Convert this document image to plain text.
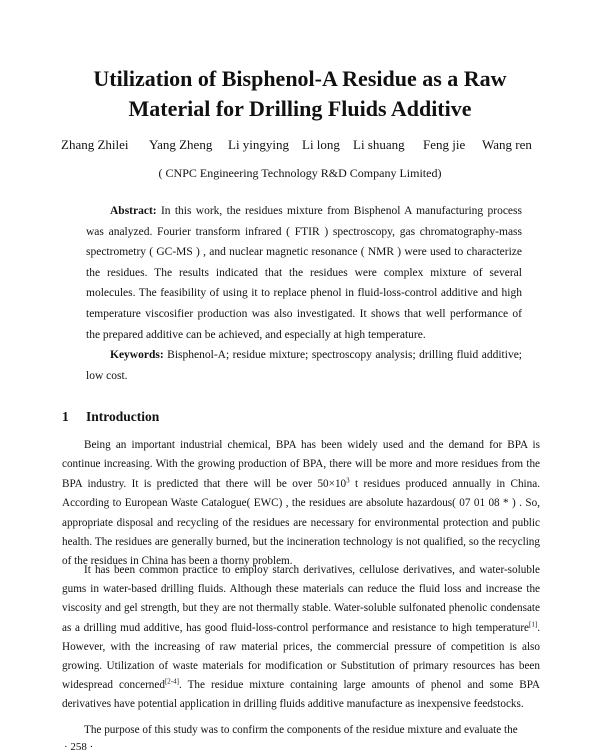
Utilization of Bisphenol-A Residue as a Raw
Material for Drilling Fluids Additive
Zhang Zhilei Yang Zheng Li yingying Li long Li shuang Feng jie Wang ren
( CNPC Engineering Technology R&D Company Limited)

Abstract: In this work, the residues mixture from Bisphenol A manufacturing process was analyzed. Fourier transform infrared ( FTIR ) spectroscopy, gas chromatography-mass spectrometry ( GC-MS ) , and nuclear magnetic resonance ( NMR ) were used to characterize the residues. The results indicated that the residues were complex mixture of several molecules. The feasibility of using it to replace phenol in fluid-loss-control additive and high temperature viscosifier production was also investigated. It shows that well performance of the prepared additive can be achieved, and especially at high temperature.

Keywords: Bisphenol-A; residue mixture; spectroscopy analysis; drilling fluid additive; low cost.

1 Introduction

Being an important industrial chemical, BPA has been widely used and the demand for BPA is continue increasing. With the growing production of BPA, there will be more and more residues from the BPA industry. It is predicted that there will be over $50\times 10^3$ t residues produced annually in China. According to European Waste Catalogue( EWC) , the residues are absolute hazardous( 07 01 08 * ) . So, appropriate disposal and recycling of the residues are necessary for environmental protection and public health. The residues are generally burned, but the incineration technology is not qualified, so the recycling of the residues in China has been a thorny problem.

It has been common practice to employ starch derivatives, cellulose derivatives, and water-soluble gums in water-based drilling fluids. Although these materials can reduce the fluid loss and increase the viscosity and gel strength, but they are not thermally stable. Water-soluble sulfonated phenolic condensate as a drilling mud additive, has good fluid-loss-control performance and resistance to high temperature[1]. However, with the increasing of raw material prices, the commercial pressure of competition is also growing. Utilization of waste materials for modification or Substitution of primary resources has been widespread concerned[2-4]. The residue mixture containing large amounts of phenol and some BPA derivatives have potential application in drilling fluids additive manufacture as inexpensive feedstocks.

The purpose of this study was to confirm the components of the residue mixture and evaluate the

· 258 ·
